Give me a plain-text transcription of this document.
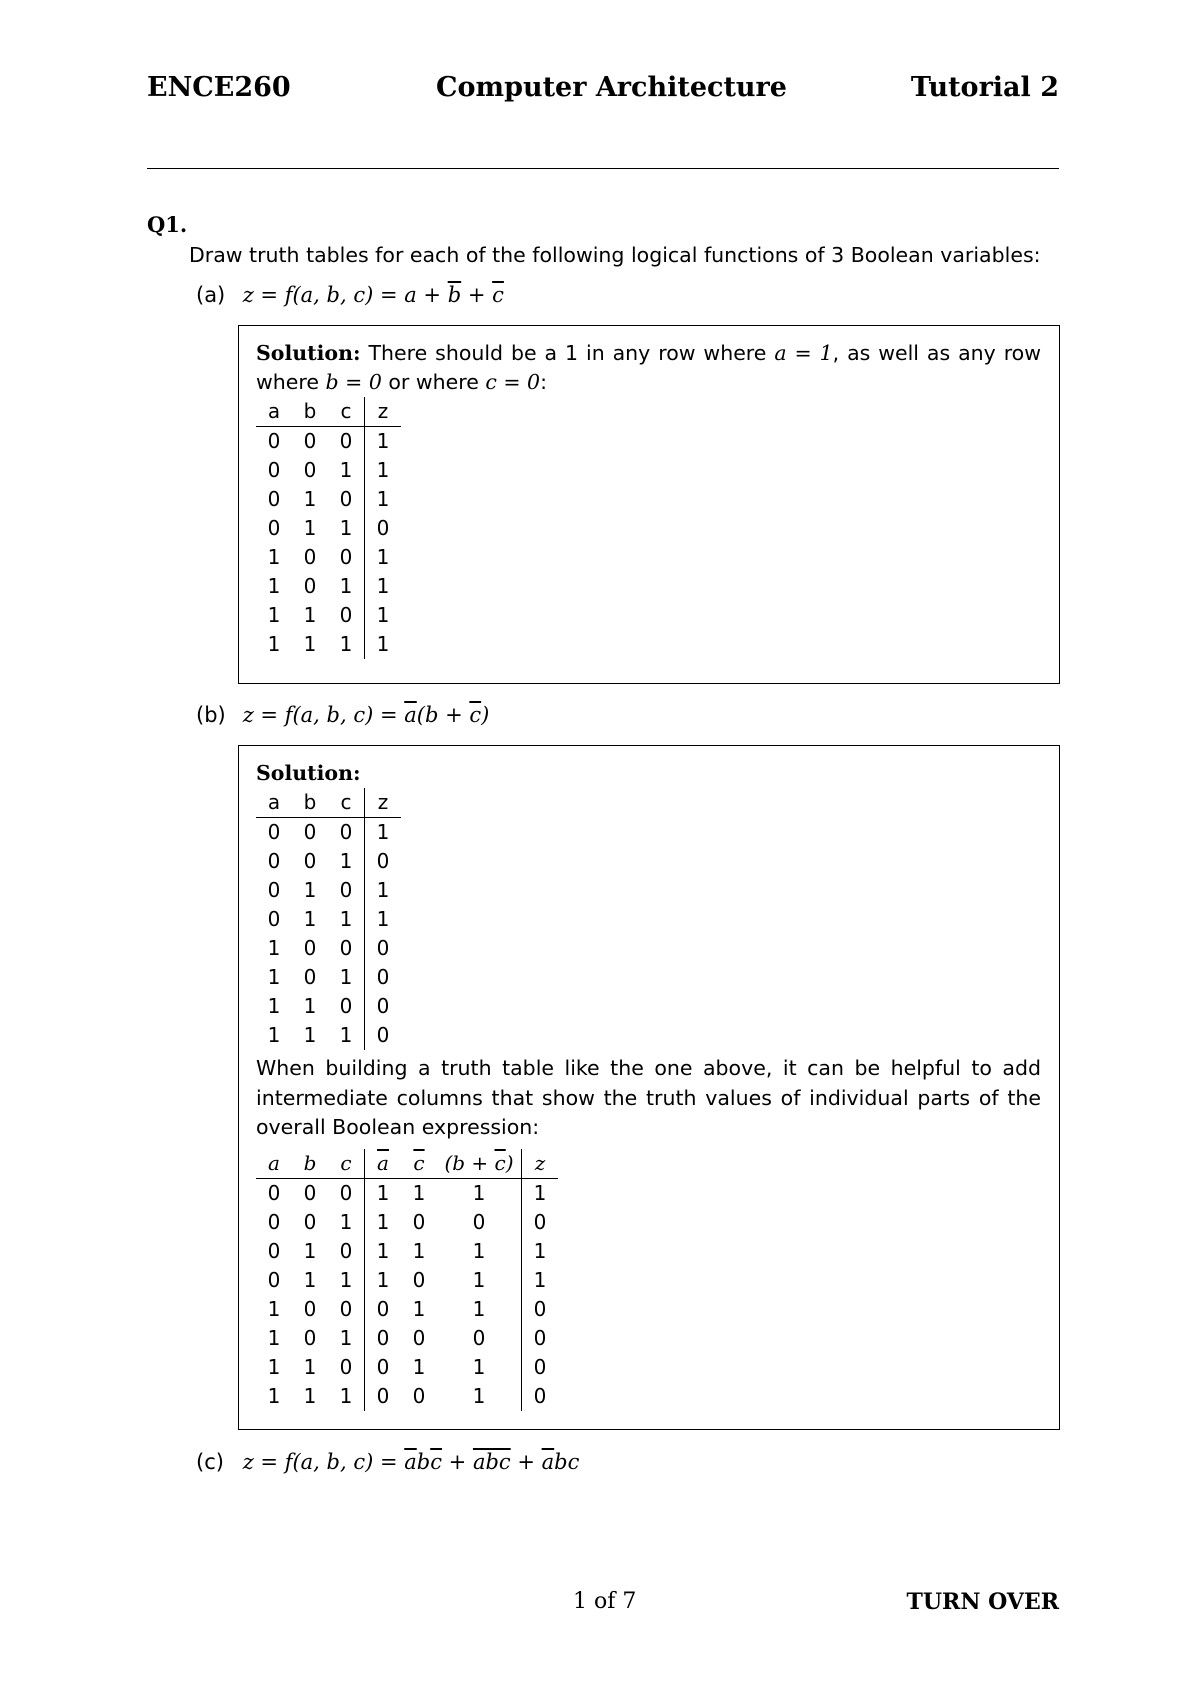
ENCE260	Computer Architecture	Tutorial 2
Q1.
Draw truth tables for each of the following logical functions of 3 Boolean variables:
(a) z = f(a, b, $c) = a + \overline{b} + \overline{c}$
Solution: There should be a 1 in any row where a = 1, as well as any row where b = 0 or where c = 0:
a	b	c	z
0	0	0	1
0	0	1	1
0	1	0	1
0	1	1	0
1	0	0	1
1	0	1	1
1	1	0	1
1	1	1	1
(b) z = f(a, b, $c) = \overline{a}(b + \overline{c})$
Solution:
a	b	c	z
0	0	0	1
0	0	1	0
0	1	0	1
0	1	1	1
1	0	0	0
1	0	1	0
1	1	0	0
1	1	1	0
When building a truth table like the one above, it can be helpful to add intermediate columns that show the truth values of individual parts of the overall Boolean expression:
a	b	c	$\overline{a}$	$\overline{c}$	$(b + \overline{c})$	z
0	0	0	1	1	1	1
0	0	1	1	0	0	0
0	1	0	1	1	1	1
0	1	1	1	0	1	1
1	0	0	0	1	1	0
1	0	1	0	0	0	0
1	1	0	0	1	1	0
1	1	1	0	0	1	0
(c) z = f(a, b, $c) = \overline{a}b\overline{c} + \overline{a}\overline{bc} + \overline{a}bc$
1 of 7	TURN OVER
